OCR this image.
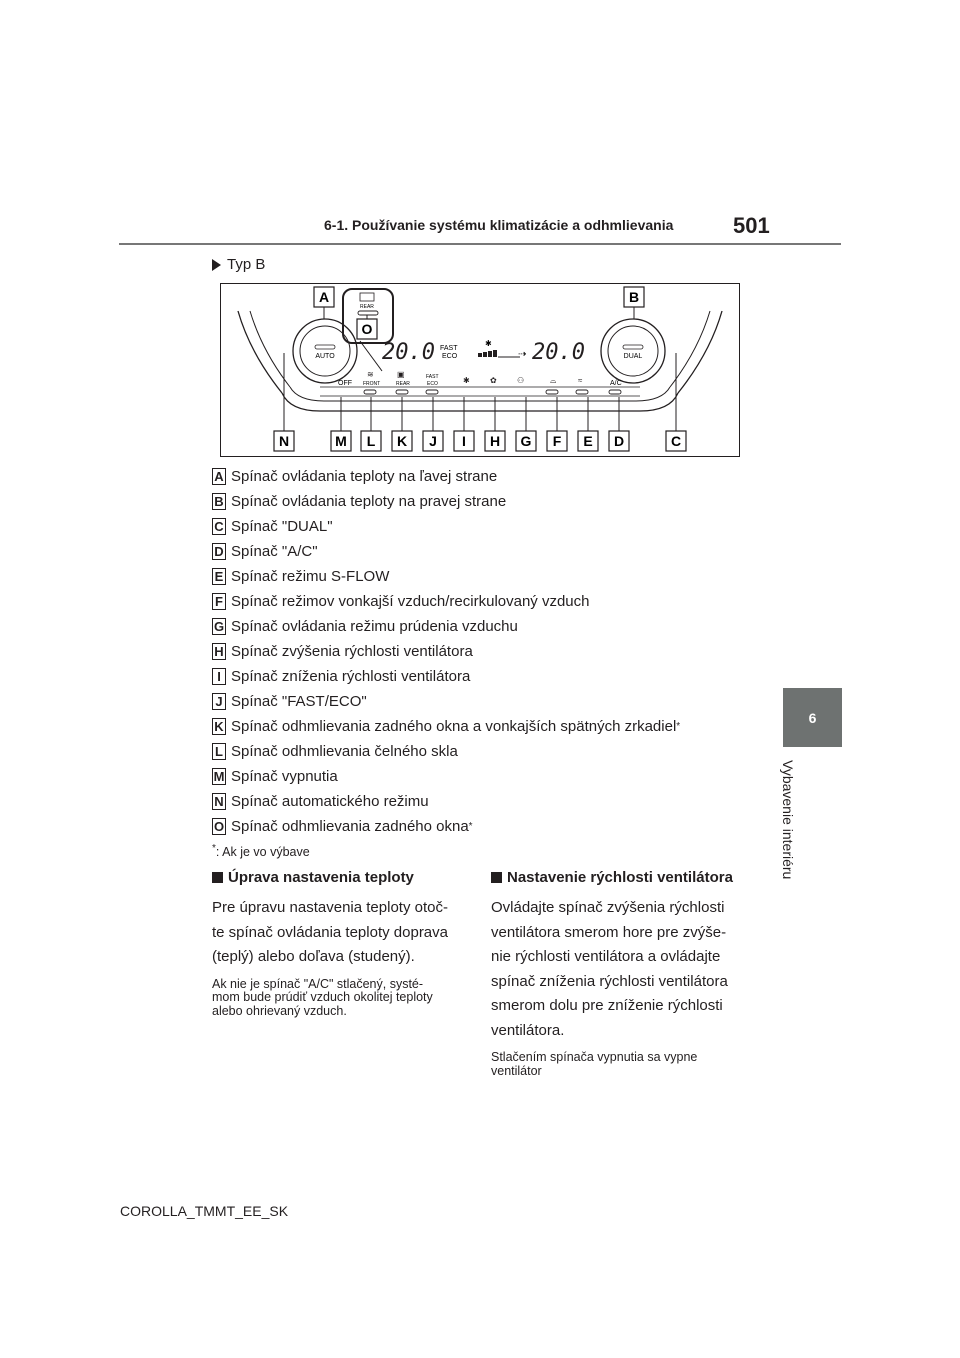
6-1. Používanie systému klimatizácie a odhmlievania	501
6
Vybavenie interiéru
Typ B
AUTO	DUAL
20.0 FAST
ECO
✱
⇢ 20.0
OFF FRONT	REAR
FAST
ECO	A/C
≋	▣
✱	✿	⚇	⌓	≈
REAR
A	B
O
N	M L K J I H G F E D	C
A Spínač ovládania teploty na ľavej strane
B Spínač ovládania teploty na pravej strane
C Spínač "DUAL"
D Spínač "A/C"
E Spínač režimu S-FLOW
F Spínač režimov vonkajší vzduch/recirkulovaný vzduch
G Spínač ovládania režimu prúdenia vzduchu
H Spínač zvýšenia rýchlosti ventilátora
I Spínač zníženia rýchlosti ventilátora
J Spínač "FAST/ECO"
K Spínač odhmlievania zadného okna a vonkajších spätných zrkadiel *
L Spínač odhmlievania čelného skla
M Spínač vypnutia
N Spínač automatického režimu
O Spínač odhmlievania zadného okna *
*: Ak je vo výbave
Úprava nastavenia teploty
Pre úpravu nastavenia teploty otoč-
te spínač ovládania teploty doprava
(teplý) alebo doľava (studený).
Ak nie je spínač "A/C" stlačený, systé-
mom bude prúdiť vzduch okolitej teploty
alebo ohrievaný vzduch.
Nastavenie rýchlosti ventilátora
Ovládajte spínač zvýšenia rýchlosti
ventilátora smerom hore pre zvýše-
nie rýchlosti ventilátora a ovládajte
spínač zníženia rýchlosti ventilátora
smerom dolu pre zníženie rýchlosti
ventilátora.
Stlačením spínača vypnutia sa vypne
ventilátor
COROLLA_TMMT_EE_SK
